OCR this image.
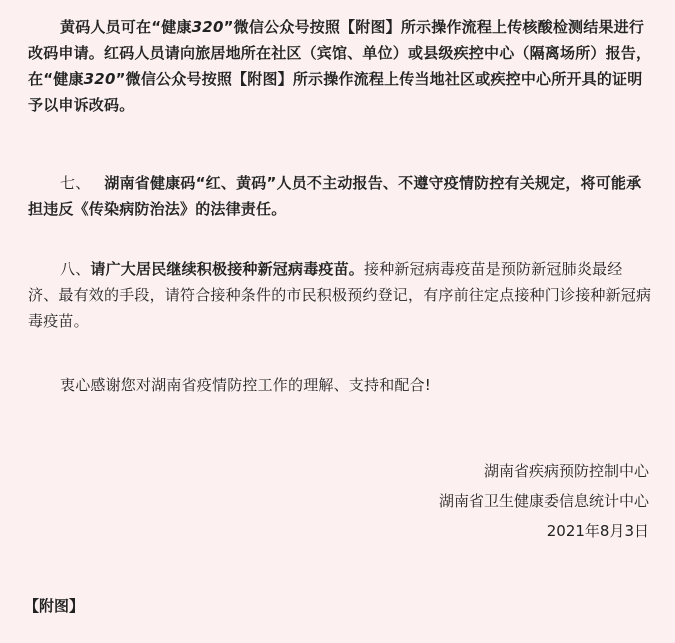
黄码人员可在“健康320”微信公众号按照【附图】所示操作流程上传核酸检测结果进行改码申请。红码人员请向旅居地所在社区（宾馆、单位）或县级疾控中心（隔离场所）报告，在“健康320”微信公众号按照【附图】所示操作流程上传当地社区或疾控中心所开具的证明予以申诉改码。

七、 湖南省健康码“红、黄码”人员不主动报告、不遵守疫情防控有关规定，将可能承担违反《传染病防治法》的法律责任。

八、请广大居民继续积极接种新冠病毒疫苗。接种新冠病毒疫苗是预防新冠肺炎最经济、最有效的手段，请符合接种条件的市民积极预约登记，有序前往定点接种门诊接种新冠病毒疫苗。

衷心感谢您对湖南省疫情防控工作的理解、支持和配合!

湖南省疾病预防控制中心

湖南省卫生健康委信息统计中心

2021年8月3日

【附图】
